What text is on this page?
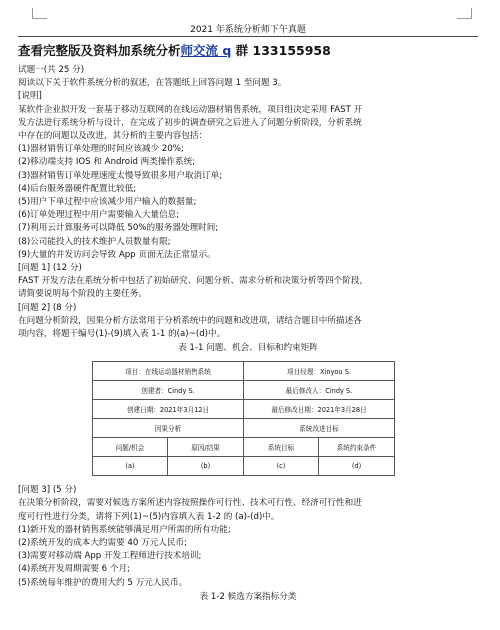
2021 年系统分析师下午真题
查看完整版及资料加系统分析师交流 q 群 133155958
试题一(共 25 分)
阅读以下关于软件系统分析的叙述，在答题纸上回答问题 1 至问题 3。
[说明]
某软件企业拟开发一套基于移动互联网的在线运动器材销售系统，项目组决定采用 FAST 开
发方法进行系统分析与设计，在完成了初步的调查研究之后进入了问题分析阶段，分析系统
中存在的问题以及改进，其分析的主要内容包括：
(1)器材销售订单处理的时间应该减少 20%;
(2)移动端支持 IOS 和 Android 两类操作系统;
(3)器材销售订单处理速度太慢导致很多用户取消订单;
(4)后台服务器硬件配置比较低;
(5)用户下单过程中应该减少用户输入的数据量;
(6)订单处理过程中用户需要输入大量信息;
(7)利用云计算服务可以降低 50%的服务器处理时间;
(8)公司能投入的技术维护人员数量有限;
(9)大量的并发访问会导致 App 页面无法正常显示。
[问题 1] (12 分)
FAST 开发方法在系统分析中包括了初始研究、问题分析、需求分析和决策分析等四个阶段，
请简要说明每个阶段的主要任务。
[问题 2] (8 分)
在问题分析阶段，因果分析方法常用于分析系统中的问题和改进项，请结合题目中所描述各
项内容，将题干编号(1)-(9)填入表 1-1 的(a)~(d)中。
表 1-1 问题、机会、目标和约束矩阵
项目：在线运动器材销售系统		项目经理：Xinyou S.	
创建者：Cindy S.		最后修改人：Cindy S.	
创建日期：2021年3月12日		最后修改日期：2021年3月28日	
因果分析		系统改进目标	
问题/机会	原因/结果	系统目标	系统约束条件
(a)	(b)	(c)	(d)
[问题 3] (5 分)
在决策分析阶段，需要对候选方案所述内容按照操作可行性、技术可行性、经济可行性和进
度可行性进行分类，请将下列(1)~(5)内容填入表 1-2 的 (a)-(d)中。
(1)新开发的器材销售系统能够满足用户所需的所有功能;
(2)系统开发的成本大约需要 40 万元人民币;
(3)需要对移动端 App 开发工程师进行技术培训;
(4)系统开发周期需要 6 个月;
(5)系统每年维护的费用大约 5 万元人民币。
表 1-2 候选方案指标分类
